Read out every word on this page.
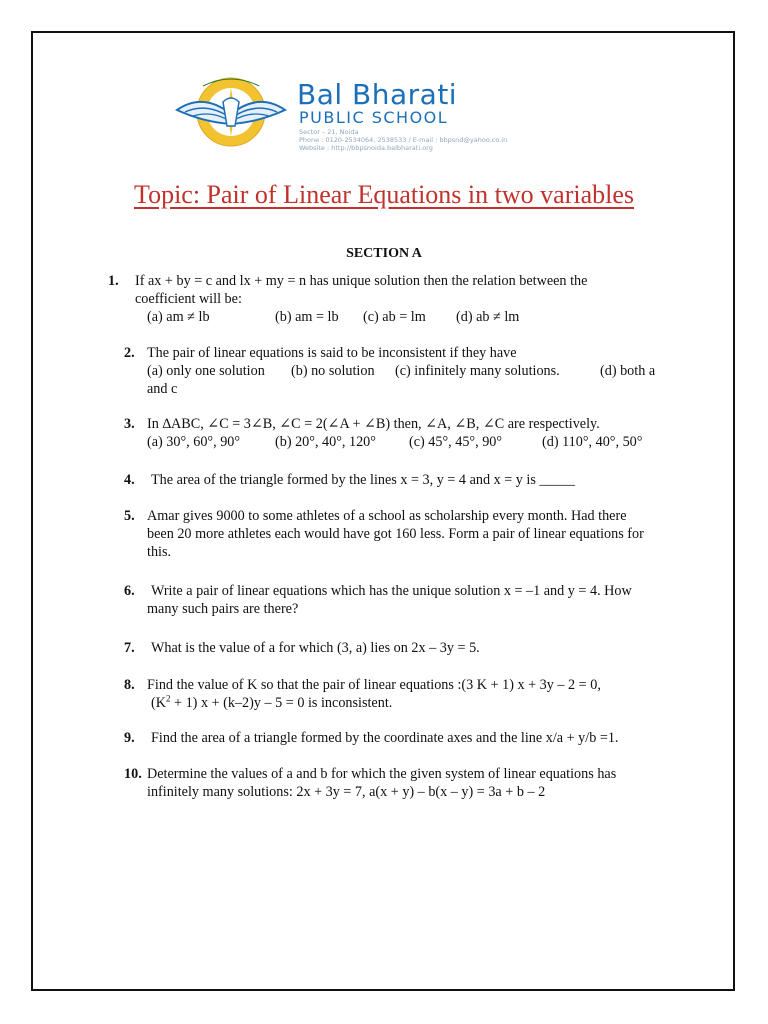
Bal Bharati
PUBLIC SCHOOL
Sector – 21, Noida
Phone : 0120-2534064, 2538533 / E-mail : bbpsnd@yahoo.co.in
Website : http://bbpsnoida.balbharati.org
Topic: Pair of Linear Equations in two variables
SECTION A
1. If ax + by = c and lx + my = n has unique solution then the relation between the
coefficient will be:
(a) am ≠ lb	(b) am = lb (c) ab = lm (d) ab ≠ lm
2. The pair of linear equations is said to be inconsistent if they have
(a) only one solution (b) no solution (c) infinitely many solutions.	(d) both a
and c
3. In ∆ABC, ∠C = 3∠B, ∠C = 2(∠A + ∠B) then, ∠A, ∠B, ∠C are respectively.
(a) 30°, 60°, 90° (b) 20°, 40°, 120° (c) 45°, 45°, 90°	(d) 110°, 40°, 50°
4. The area of the triangle formed by the lines x = 3, y = 4 and x = y is _____
5. Amar gives 9000 to some athletes of a school as scholarship every month. Had there
been 20 more athletes each would have got 160 less. Form a pair of linear equations for
this.
6. Write a pair of linear equations which has the unique solution x = –1 and y = 4. How
many such pairs are there?
7. What is the value of a for which (3, a) lies on 2x – 3y = 5.
8. Find the value of K so that the pair of linear equations :(3 K + 1) x + 3y – 2 = 0,
$(K^2 + 1) x + (k-2)y - 5 = 0$ is inconsistent.
9. Find the area of a triangle formed by the coordinate axes and the line x/a + y/b =1.
10. Determine the values of a and b for which the given system of linear equations has
infinitely many solutions: 2x + 3y = 7, a(x + y) – b(x – y) = 3a + b – 2
